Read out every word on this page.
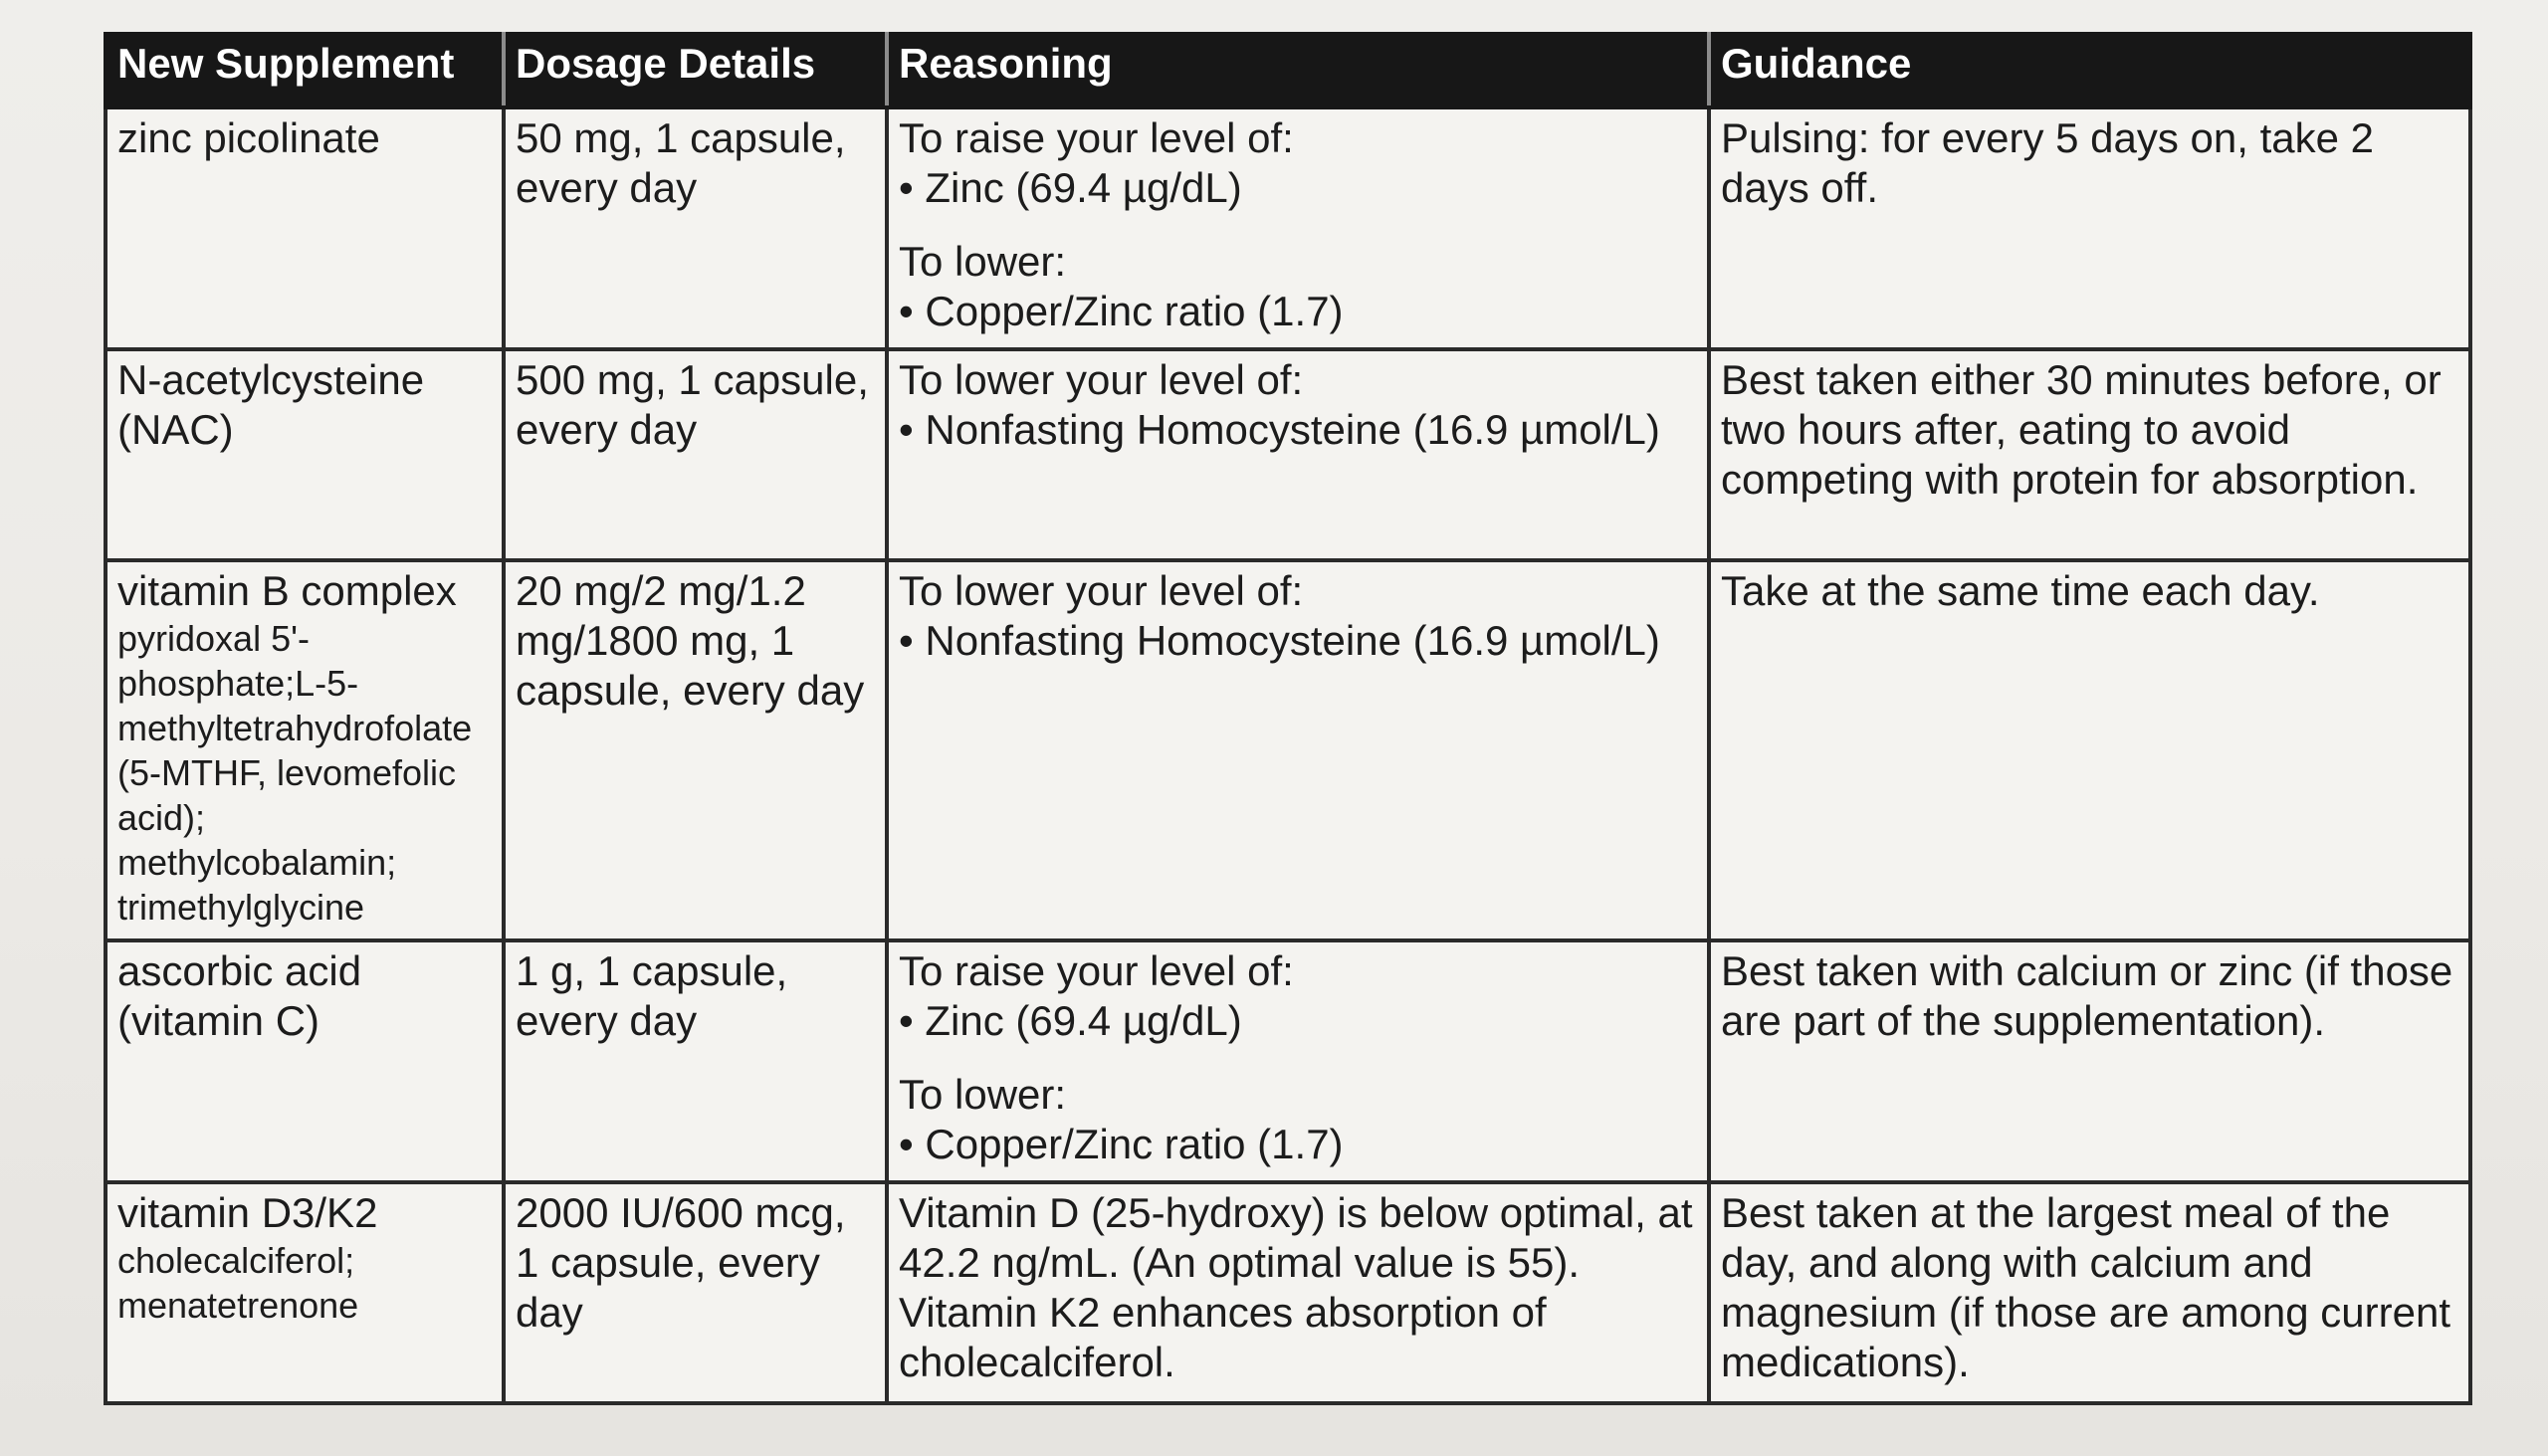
New Supplement	Dosage Details	Reasoning	Guidance

zinc picolinate	50 mg, 1 capsule, every day	To raise your level of:
• Zinc (69.4 µg/dL)
To lower:
• Copper/Zinc ratio (1.7)	Pulsing: for every 5 days on, take 2 days off.

N-acetylcysteine (NAC)	500 mg, 1 capsule, every day	To lower your level of:
• Nonfasting Homocysteine (16.9 µmol/L)	Best taken either 30 minutes before, or two hours after, eating to avoid competing with protein for absorption.

vitamin B complex
pyridoxal 5'-phosphate;L-5-methyltetrahydrofolate (5-MTHF, levomefolic acid); methylcobalamin; trimethylglycine	20 mg/2 mg/1.2 mg/1800 mg, 1 capsule, every day	To lower your level of:
• Nonfasting Homocysteine (16.9 µmol/L)	Take at the same time each day.

ascorbic acid (vitamin C)	1 g, 1 capsule, every day	To raise your level of:
• Zinc (69.4 µg/dL)
To lower:
• Copper/Zinc ratio (1.7)	Best taken with calcium or zinc (if those are part of the supplementation).

vitamin D3/K2
cholecalciferol; menatetrenone	2000 IU/600 mcg, 1 capsule, every day	Vitamin D (25-hydroxy) is below optimal, at 42.2 ng/mL. (An optimal value is 55). Vitamin K2 enhances absorption of cholecalciferol.	Best taken at the largest meal of the day, and along with calcium and magnesium (if those are among current medications).
